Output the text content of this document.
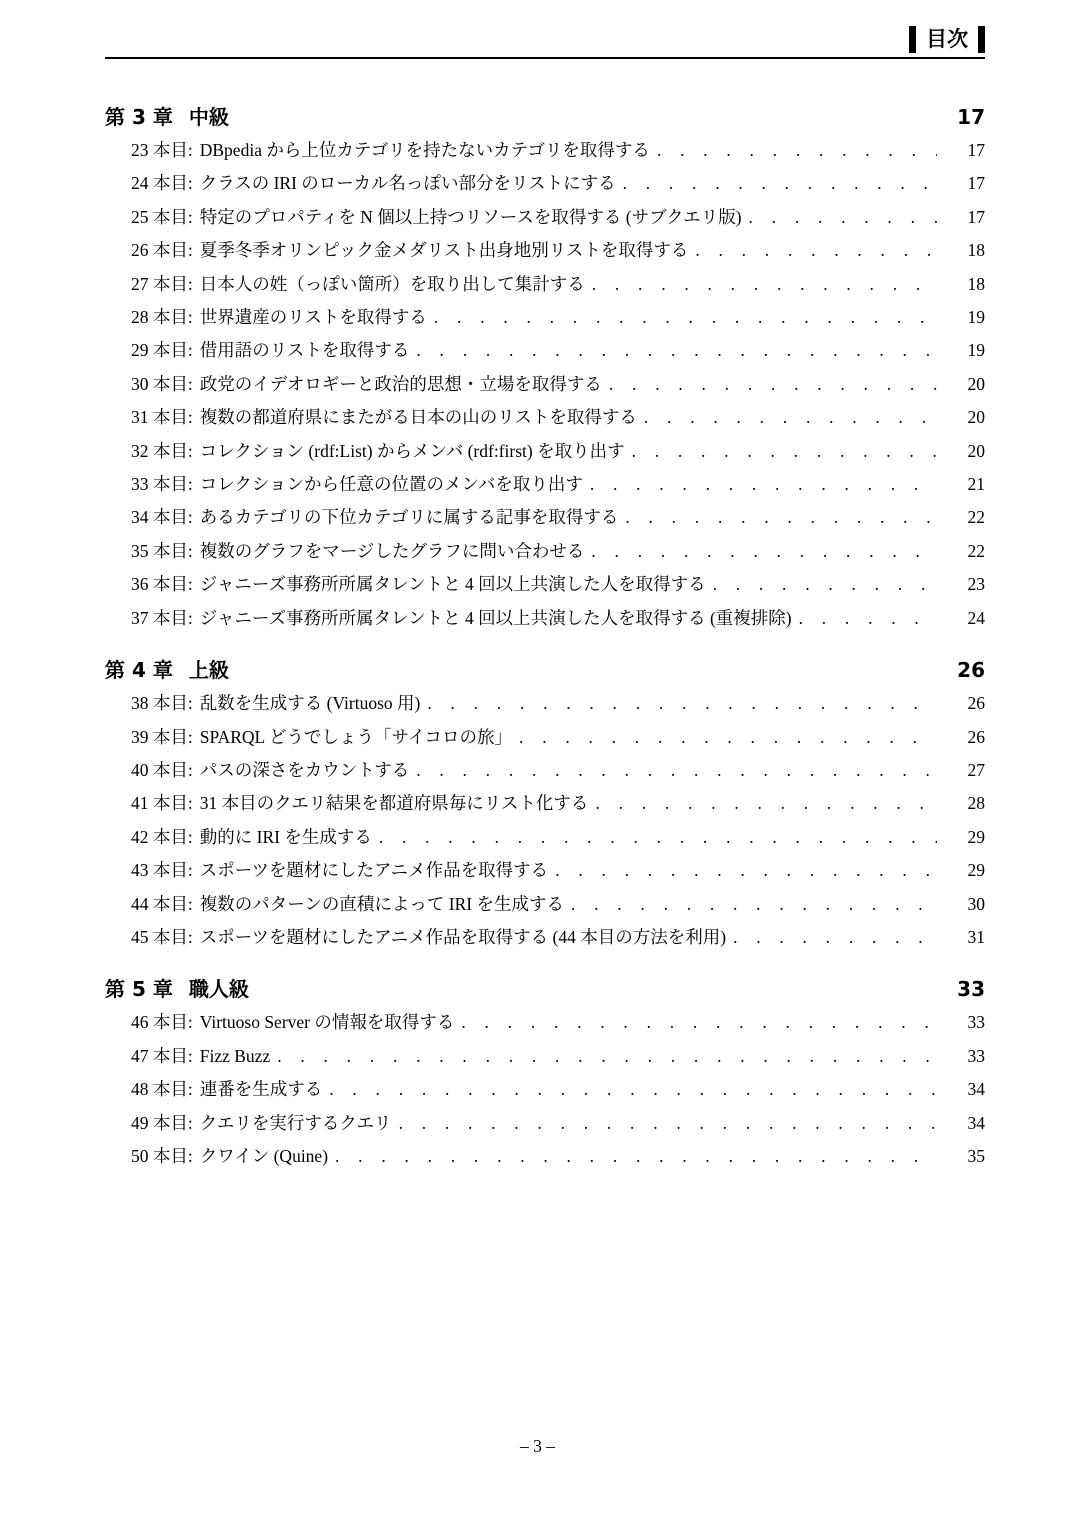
目次
第 3 章 中級	17
23 本目: DBpedia から上位カテゴリを持たないカテゴリを取得する . . .	17
24 本目: クラスの IRI のローカル名っぽい部分をリストにする . . .	17
25 本目: 特定のプロパティを N 個以上持つリソースを取得する (サブクエリ版) . . .	17
26 本目: 夏季冬季オリンピック金メダリスト出身地別リストを取得する . . .	18
27 本目: 日本人の姓（っぽい箇所）を取り出して集計する . . .	18
28 本目: 世界遺産のリストを取得する . . .	19
29 本目: 借用語のリストを取得する . . .	19
30 本目: 政党のイデオロギーと政治的思想・立場を取得する . . .	20
31 本目: 複数の都道府県にまたがる日本の山のリストを取得する . . .	20
32 本目: コレクション (rdf:List) からメンバ (rdf:first) を取り出す . . .	20
33 本目: コレクションから任意の位置のメンバを取り出す . . .	21
34 本目: あるカテゴリの下位カテゴリに属する記事を取得する . . .	22
35 本目: 複数のグラフをマージしたグラフに問い合わせる . . .	22
36 本目: ジャニーズ事務所所属タレントと 4 回以上共演した人を取得する . . .	23
37 本目: ジャニーズ事務所所属タレントと 4 回以上共演した人を取得する (重複排除) . . .	24
第 4 章 上級	26
38 本目: 乱数を生成する (Virtuoso 用) . . .	26
39 本目: SPARQL どうでしょう「サイコロの旅」 . . .	26
40 本目: パスの深さをカウントする . . .	27
41 本目: 31 本目のクエリ結果を都道府県毎にリスト化する . . .	28
42 本目: 動的に IRI を生成する . . .	29
43 本目: スポーツを題材にしたアニメ作品を取得する . . .	29
44 本目: 複数のパターンの直積によって IRI を生成する . . .	30
45 本目: スポーツを題材にしたアニメ作品を取得する (44 本目の方法を利用) . . .	31
第 5 章 職人級	33
46 本目: Virtuoso Server の情報を取得する . . .	33
47 本目: Fizz Buzz . . .	33
48 本目: 連番を生成する . . .	34
49 本目: クエリを実行するクエリ . . .	34
50 本目: クワイン (Quine) . . .	35
– 3 –
